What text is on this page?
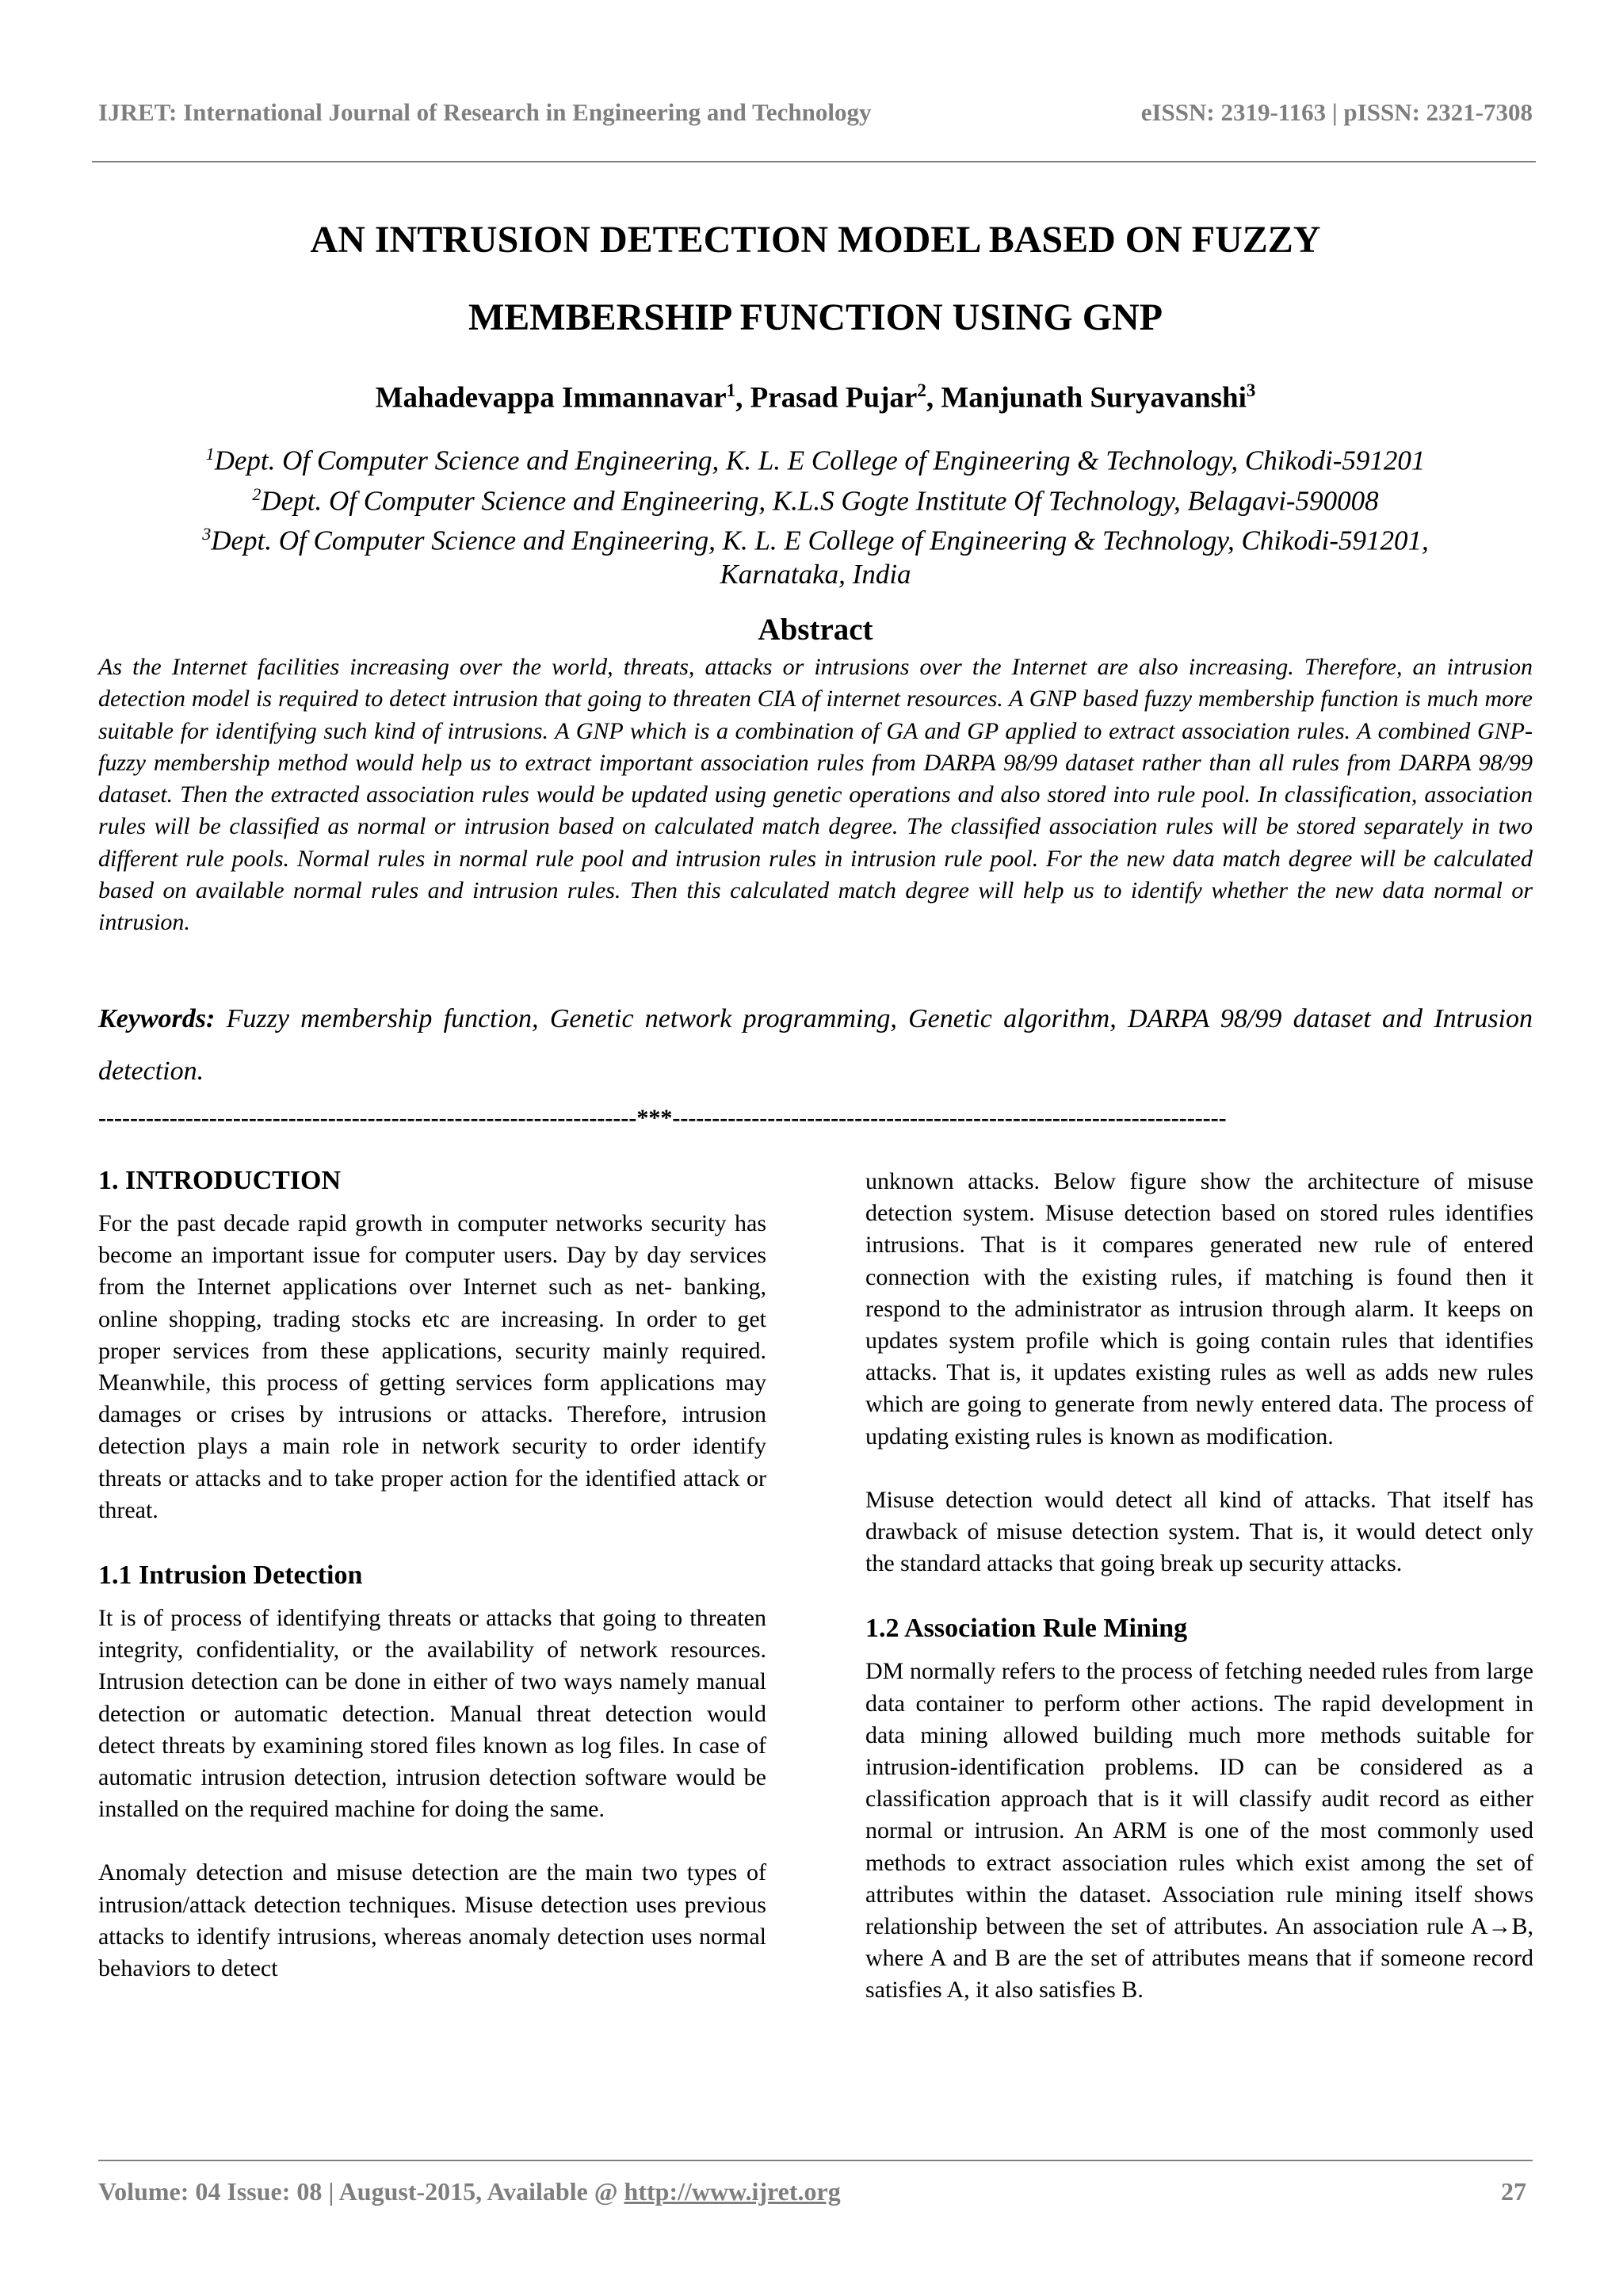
IJRET: International Journal of Research in Engineering and Technology	eISSN: 2319-1163 | pISSN: 2321-7308
AN INTRUSION DETECTION MODEL BASED ON FUZZY
MEMBERSHIP FUNCTION USING GNP
Mahadevappa Immannavar$^1$, Prasad Pujar$^2$, Manjunath Suryavanshi$^3$
$^1$Dept. Of Computer Science and Engineering, K. L. E College of Engineering & Technology, Chikodi-591201
$^2$Dept. Of Computer Science and Engineering, K.L.S Gogte Institute Of Technology, Belagavi-590008
$^3$Dept. Of Computer Science and Engineering, K. L. E College of Engineering & Technology, Chikodi-591201,
Karnataka, India
Abstract
As the Internet facilities increasing over the world, threats, attacks or intrusions over the Internet are also increasing. Therefore, an intrusion detection model is required to detect intrusion that going to threaten CIA of internet resources. A GNP based fuzzy membership function is much more suitable for identifying such kind of intrusions. A GNP which is a combination of GA and GP applied to extract association rules. A combined GNP-fuzzy membership method would help us to extract important association rules from DARPA 98/99 dataset rather than all rules from DARPA 98/99 dataset. Then the extracted association rules would be updated using genetic operations and also stored into rule pool. In classification, association rules will be classified as normal or intrusion based on calculated match degree. The classified association rules will be stored separately in two different rule pools. Normal rules in normal rule pool and intrusion rules in intrusion rule pool. For the new data match degree will be calculated based on available normal rules and intrusion rules. Then this calculated match degree will help us to identify whether the new data normal or intrusion.
Keywords: Fuzzy membership function, Genetic network programming, Genetic algorithm, DARPA 98/99 dataset and Intrusion detection.
--------------------------------------------------------------------***----------------------------------------------------------------------
1. INTRODUCTION

For the past decade rapid growth in computer networks security has become an important issue for computer users. Day by day services from the Internet applications over Internet such as net- banking, online shopping, trading stocks etc are increasing. In order to get proper services from these applications, security mainly required. Meanwhile, this process of getting services form applications may damages or crises by intrusions or attacks. Therefore, intrusion detection plays a main role in network security to order identify threats or attacks and to take proper action for the identified attack or threat.

1.1 Intrusion Detection

It is of process of identifying threats or attacks that going to threaten integrity, confidentiality, or the availability of network resources. Intrusion detection can be done in either of two ways namely manual detection or automatic detection. Manual threat detection would detect threats by examining stored files known as log files. In case of automatic intrusion detection, intrusion detection software would be installed on the required machine for doing the same.

Anomaly detection and misuse detection are the main two types of intrusion/attack detection techniques. Misuse detection uses previous attacks to identify intrusions, whereas anomaly detection uses normal behaviors to detect

unknown attacks. Below figure show the architecture of misuse detection system. Misuse detection based on stored rules identifies intrusions. That is it compares generated new rule of entered connection with the existing rules, if matching is found then it respond to the administrator as intrusion through alarm. It keeps on updates system profile which is going contain rules that identifies attacks. That is, it updates existing rules as well as adds new rules which are going to generate from newly entered data. The process of updating existing rules is known as modification.

Misuse detection would detect all kind of attacks. That itself has drawback of misuse detection system. That is, it would detect only the standard attacks that going break up security attacks.

1.2 Association Rule Mining

DM normally refers to the process of fetching needed rules from large data container to perform other actions. The rapid development in data mining allowed building much more methods suitable for intrusion-identification problems. ID can be considered as a classification approach that is it will classify audit record as either normal or intrusion. An ARM is one of the most commonly used methods to extract association rules which exist among the set of attributes within the dataset. Association rule mining itself shows relationship between the set of attributes. An association rule A→B, where A and B are the set of attributes means that if someone record satisfies A, it also satisfies B.

Volume: 04 Issue: 08 | August-2015, Available @ http://www.ijret.org	27
